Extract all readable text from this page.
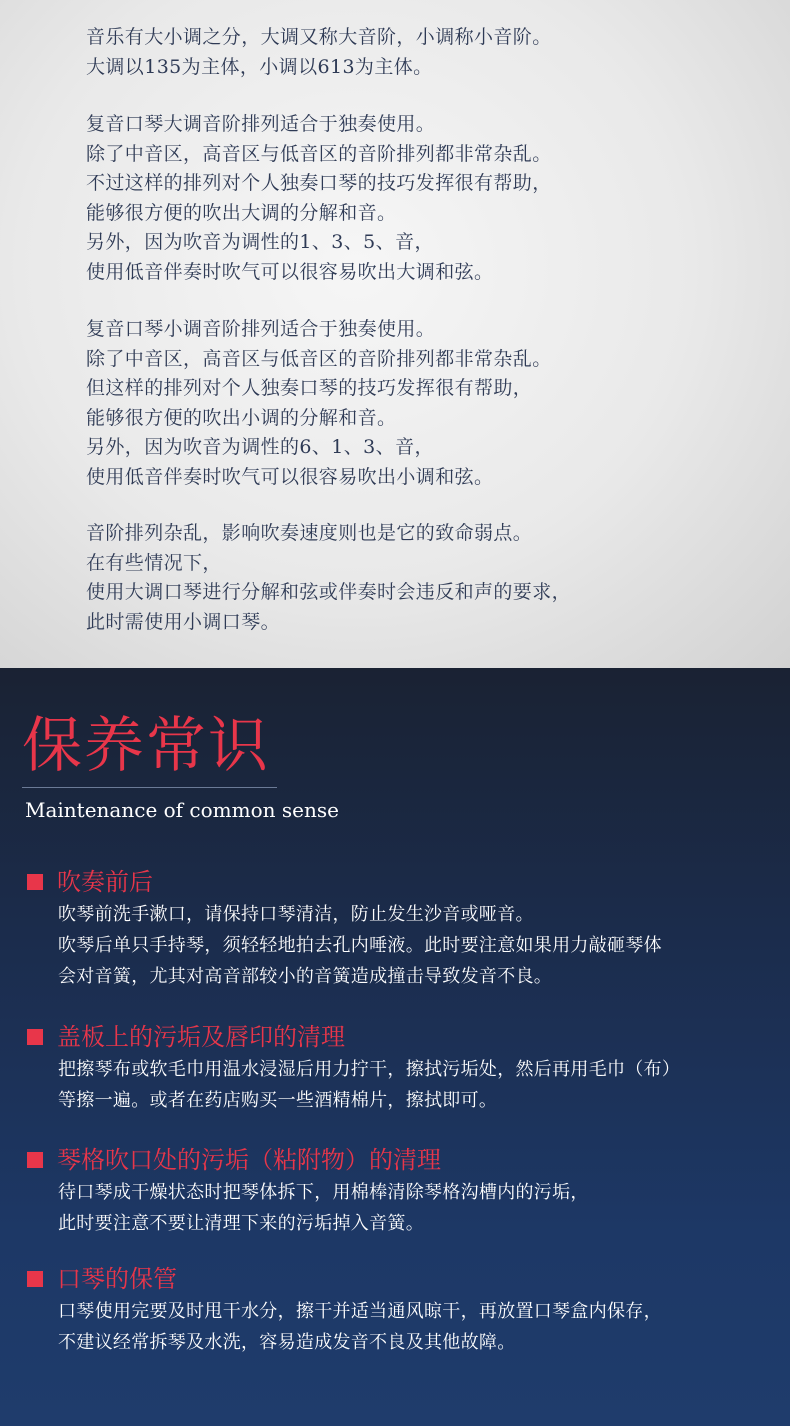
音乐有大小调之分，大调又称大音阶，小调称小音阶。
大调以135为主体，小调以613为主体。
复音口琴大调音阶排列适合于独奏使用。
除了中音区，高音区与低音区的音阶排列都非常杂乱。
不过这样的排列对个人独奏口琴的技巧发挥很有帮助，
能够很方便的吹出大调的分解和音。
另外，因为吹音为调性的1、3、5、音，
使用低音伴奏时吹气可以很容易吹出大调和弦。
复音口琴小调音阶排列适合于独奏使用。
除了中音区，高音区与低音区的音阶排列都非常杂乱。
但这样的排列对个人独奏口琴的技巧发挥很有帮助，
能够很方便的吹出小调的分解和音。
另外，因为吹音为调性的6、1、3、音，
使用低音伴奏时吹气可以很容易吹出小调和弦。
音阶排列杂乱，影响吹奏速度则也是它的致命弱点。
在有些情况下，
使用大调口琴进行分解和弦或伴奏时会违反和声的要求，
此时需使用小调口琴。
保养常识
Maintenance of common sense
吹奏前后
吹琴前洗手漱口，请保持口琴清洁，防止发生沙音或哑音。
吹琴后单只手持琴，须轻轻地拍去孔内唾液。此时要注意如果用力敲砸琴体
会对音簧，尤其对高音部较小的音簧造成撞击导致发音不良。
盖板上的污垢及唇印的清理
把擦琴布或软毛巾用温水浸湿后用力拧干，擦拭污垢处，然后再用毛巾（布）
等擦一遍。或者在药店购买一些酒精棉片，擦拭即可。
琴格吹口处的污垢（粘附物）的清理
待口琴成干燥状态时把琴体拆下，用棉棒清除琴格沟槽内的污垢，
此时要注意不要让清理下来的污垢掉入音簧。
口琴的保管
口琴使用完要及时甩干水分，擦干并适当通风晾干，再放置口琴盒内保存，
不建议经常拆琴及水洗，容易造成发音不良及其他故障。
